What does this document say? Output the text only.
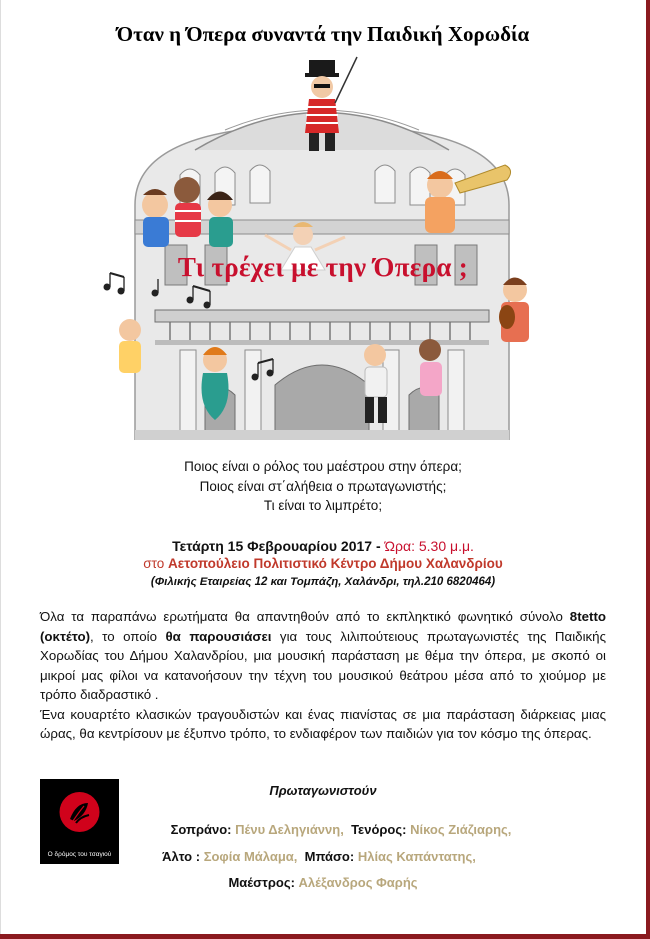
Όταν η Όπερα συναντά την Παιδική Χορωδία
Τι τρέχει με την Όπερα ;
Ποιος είναι ο ρόλος του μαέστρου στην όπερα;
Ποιος είναι στ΄αλήθεια ο πρωταγωνιστής;
Τι είναι το λιμπρέτο;
Τετάρτη 15 Φεβρουαρίου 2017 - Ώρα: 5.30 μ.μ.
στο Αετοπούλειο Πολιτιστικό Κέντρο Δήμου Χαλανδρίου
(Φιλικής Εταιρείας 12 και Τομπάζη, Χαλάνδρι, τηλ.210 6820464)

Όλα τα παραπάνω ερωτήματα θα απαντηθούν από το εκπληκτικό φωνητικό σύνολο 8tetto (οκτέτο), το οποίο θα παρουσιάσει για τους λιλιπούτειους πρωταγωνιστές της Παιδικής Χορωδίας του Δήμου Χαλανδρίου, μια μουσική παράσταση με θέμα την όπερα, με σκοπό οι μικροί μας φίλοι να κατανοήσουν την τέχνη του μουσικού θεάτρου μέσα από το χιούμορ με τρόπο διαδραστικό .

Ένα κουαρτέτο κλασικών τραγουδιστών και ένας πιανίστας σε μια παράσταση διάρκειας μιας ώρας, θα κεντρίσουν με έξυπνο τρόπο, το ενδιαφέρον των παιδιών για τον κόσμο της όπερας.

Ο δρόμος του τσαγιού
Πρωταγωνιστούν
Σοπράνο: Πένυ Δεληγιάννη, Τενόρος: Νίκος Ζιάζιαρης,
Άλτο : Σοφία Μάλαμα, Μπάσο: Ηλίας Καπάντατης,
Μαέστρος: Αλέξανδρος Φαρής
